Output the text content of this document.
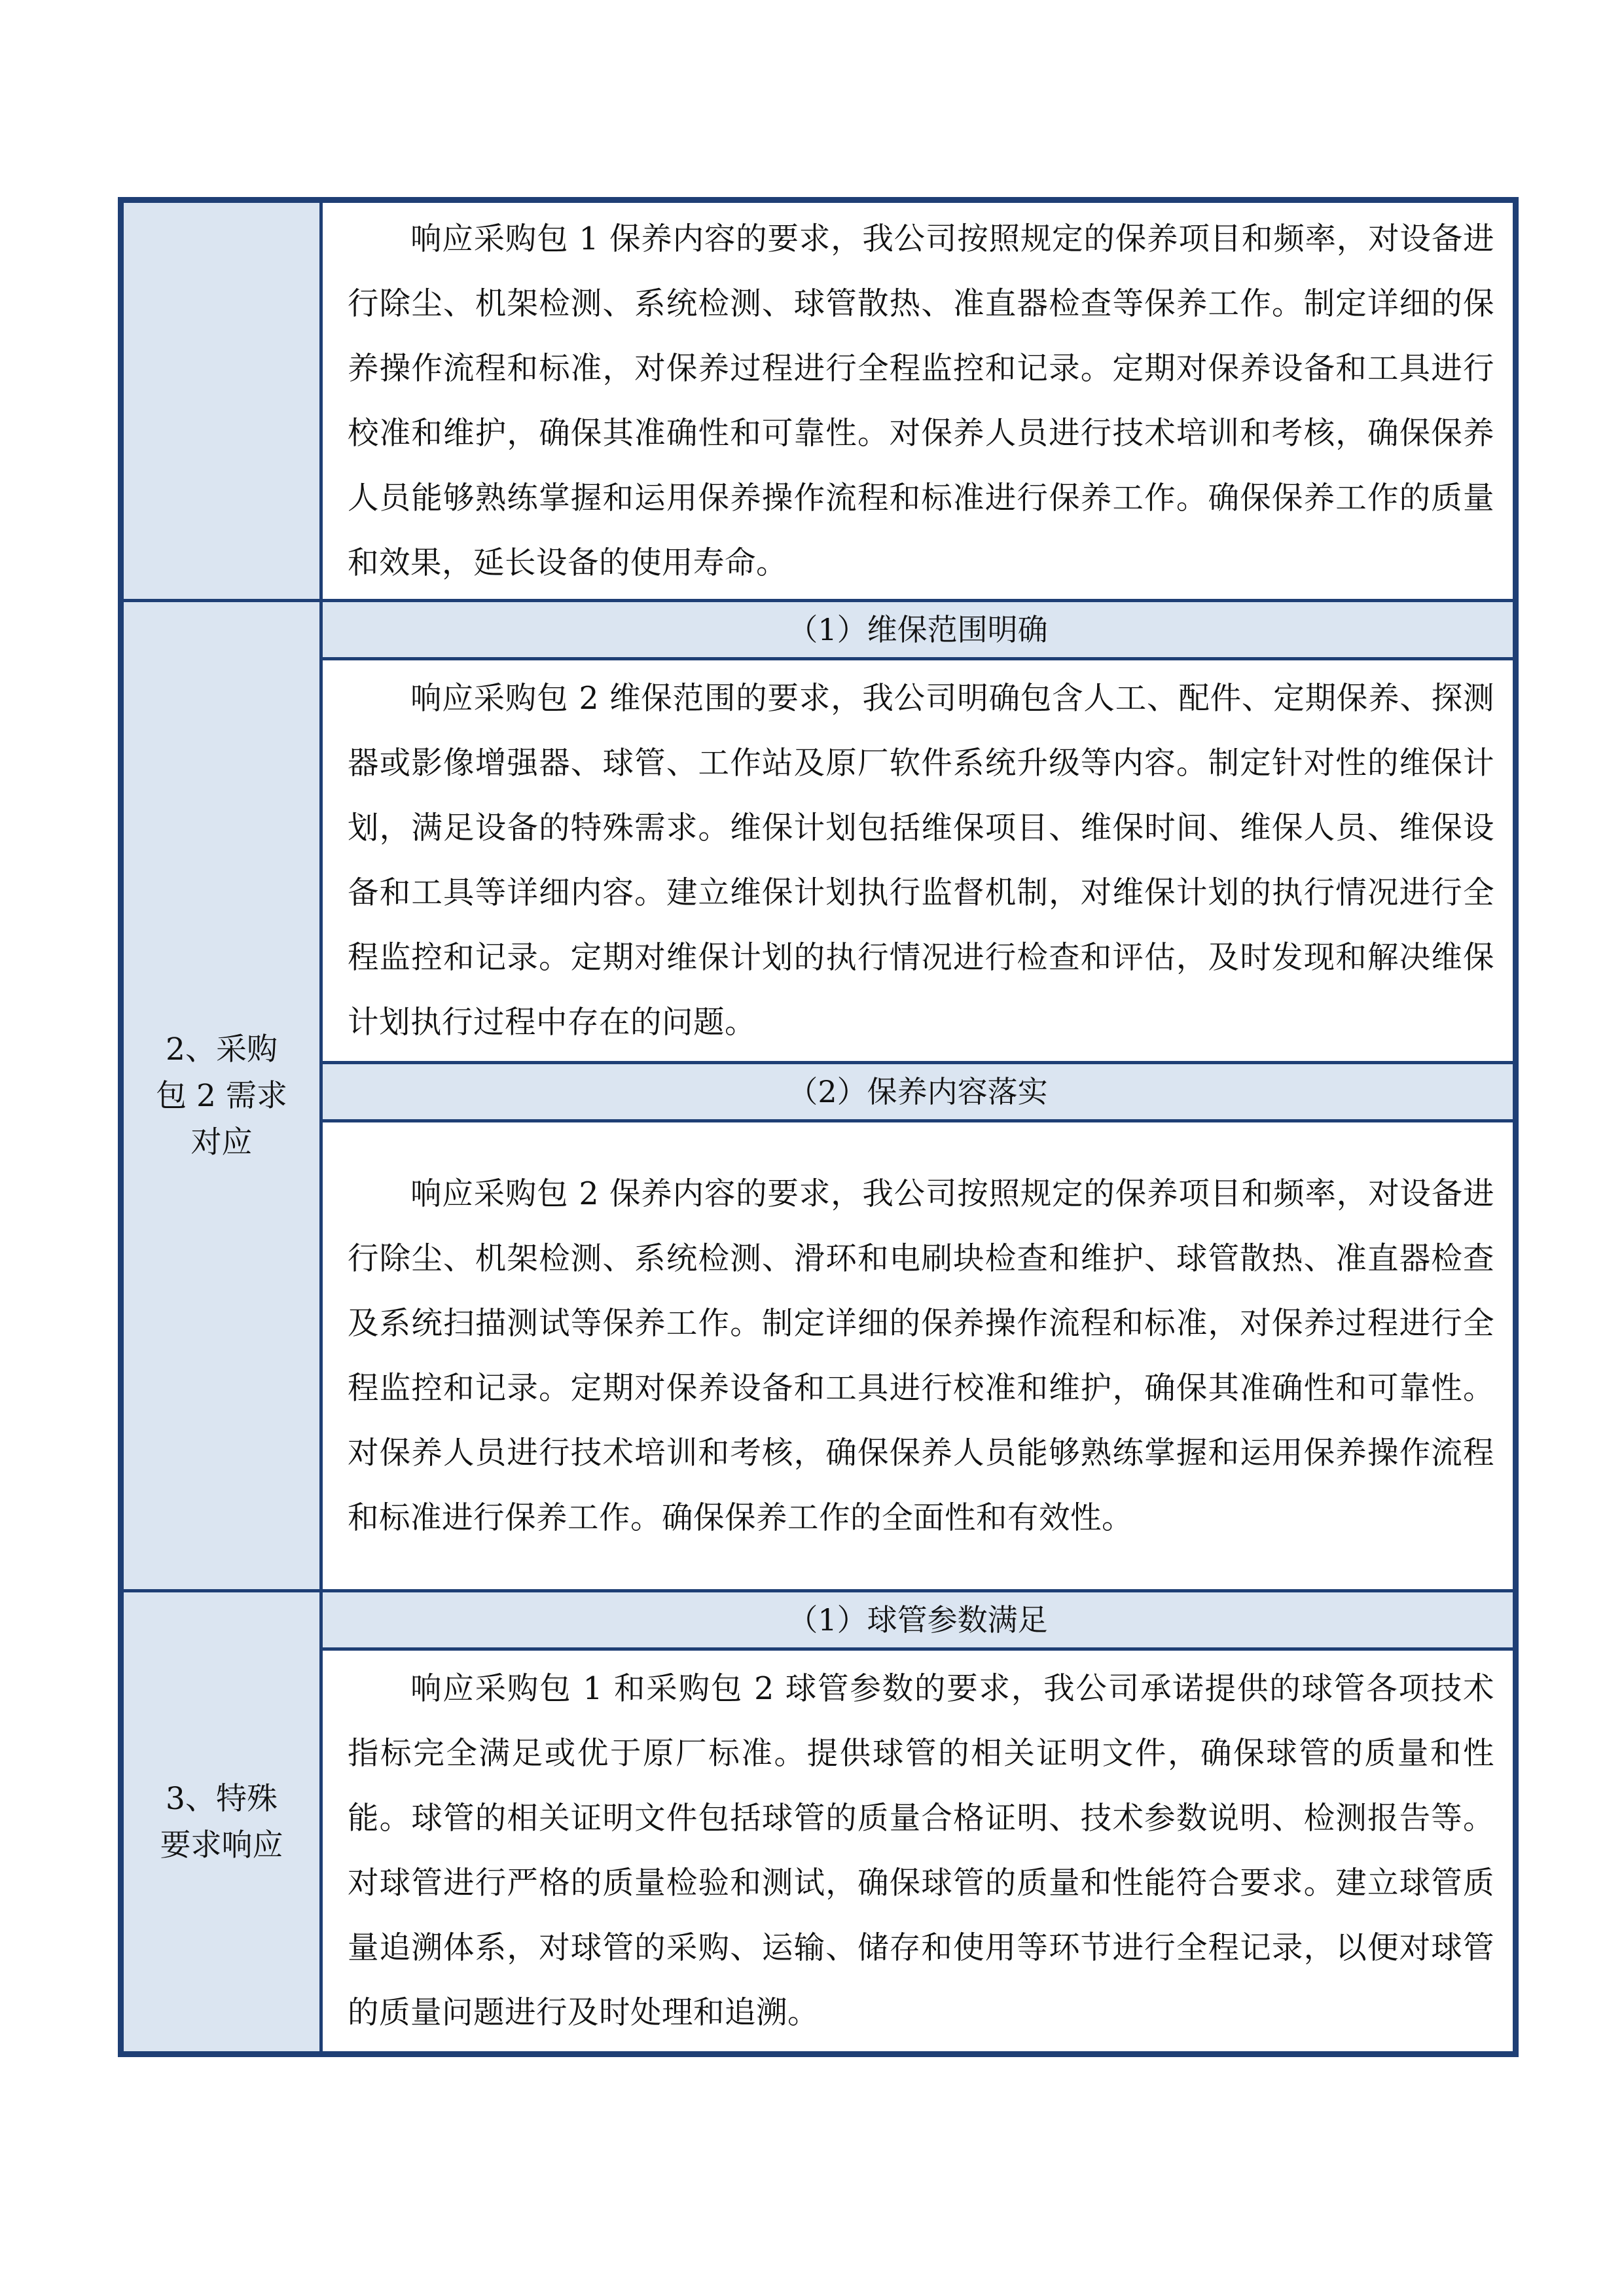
	响应采购包 1 保养内容的要求，我公司按照规定的保养项目和频率，对设备进行除尘、机架检测、系统检测、球管散热、准直器检查等保养工作。制定详细的保养操作流程和标准，对保养过程进行全程监控和记录。定期对保养设备和工具进行校准和维护，确保其准确性和可靠性。对保养人员进行技术培训和考核，确保保养人员能够熟练掌握和运用保养操作流程和标准进行保养工作。确保保养工作的质量和效果，延长设备的使用寿命。
2、采购包 2 需求对应	（1）维保范围明确
	响应采购包 2 维保范围的要求，我公司明确包含人工、配件、定期保养、探测器或影像增强器、球管、工作站及原厂软件系统升级等内容。制定针对性的维保计划，满足设备的特殊需求。维保计划包括维保项目、维保时间、维保人员、维保设备和工具等详细内容。建立维保计划执行监督机制，对维保计划的执行情况进行全程监控和记录。定期对维保计划的执行情况进行检查和评估，及时发现和解决维保计划执行过程中存在的问题。
	（2）保养内容落实
	响应采购包 2 保养内容的要求，我公司按照规定的保养项目和频率，对设备进行除尘、机架检测、系统检测、滑环和电刷块检查和维护、球管散热、准直器检查及系统扫描测试等保养工作。制定详细的保养操作流程和标准，对保养过程进行全程监控和记录。定期对保养设备和工具进行校准和维护，确保其准确性和可靠性。对保养人员进行技术培训和考核，确保保养人员能够熟练掌握和运用保养操作流程和标准进行保养工作。确保保养工作的全面性和有效性。
3、特殊要求响应	（1）球管参数满足
	响应采购包 1 和采购包 2 球管参数的要求，我公司承诺提供的球管各项技术指标完全满足或优于原厂标准。提供球管的相关证明文件，确保球管的质量和性能。球管的相关证明文件包括球管的质量合格证明、技术参数说明、检测报告等。对球管进行严格的质量检验和测试，确保球管的质量和性能符合要求。建立球管质量追溯体系，对球管的采购、运输、储存和使用等环节进行全程记录，以便对球管的质量问题进行及时处理和追溯。
